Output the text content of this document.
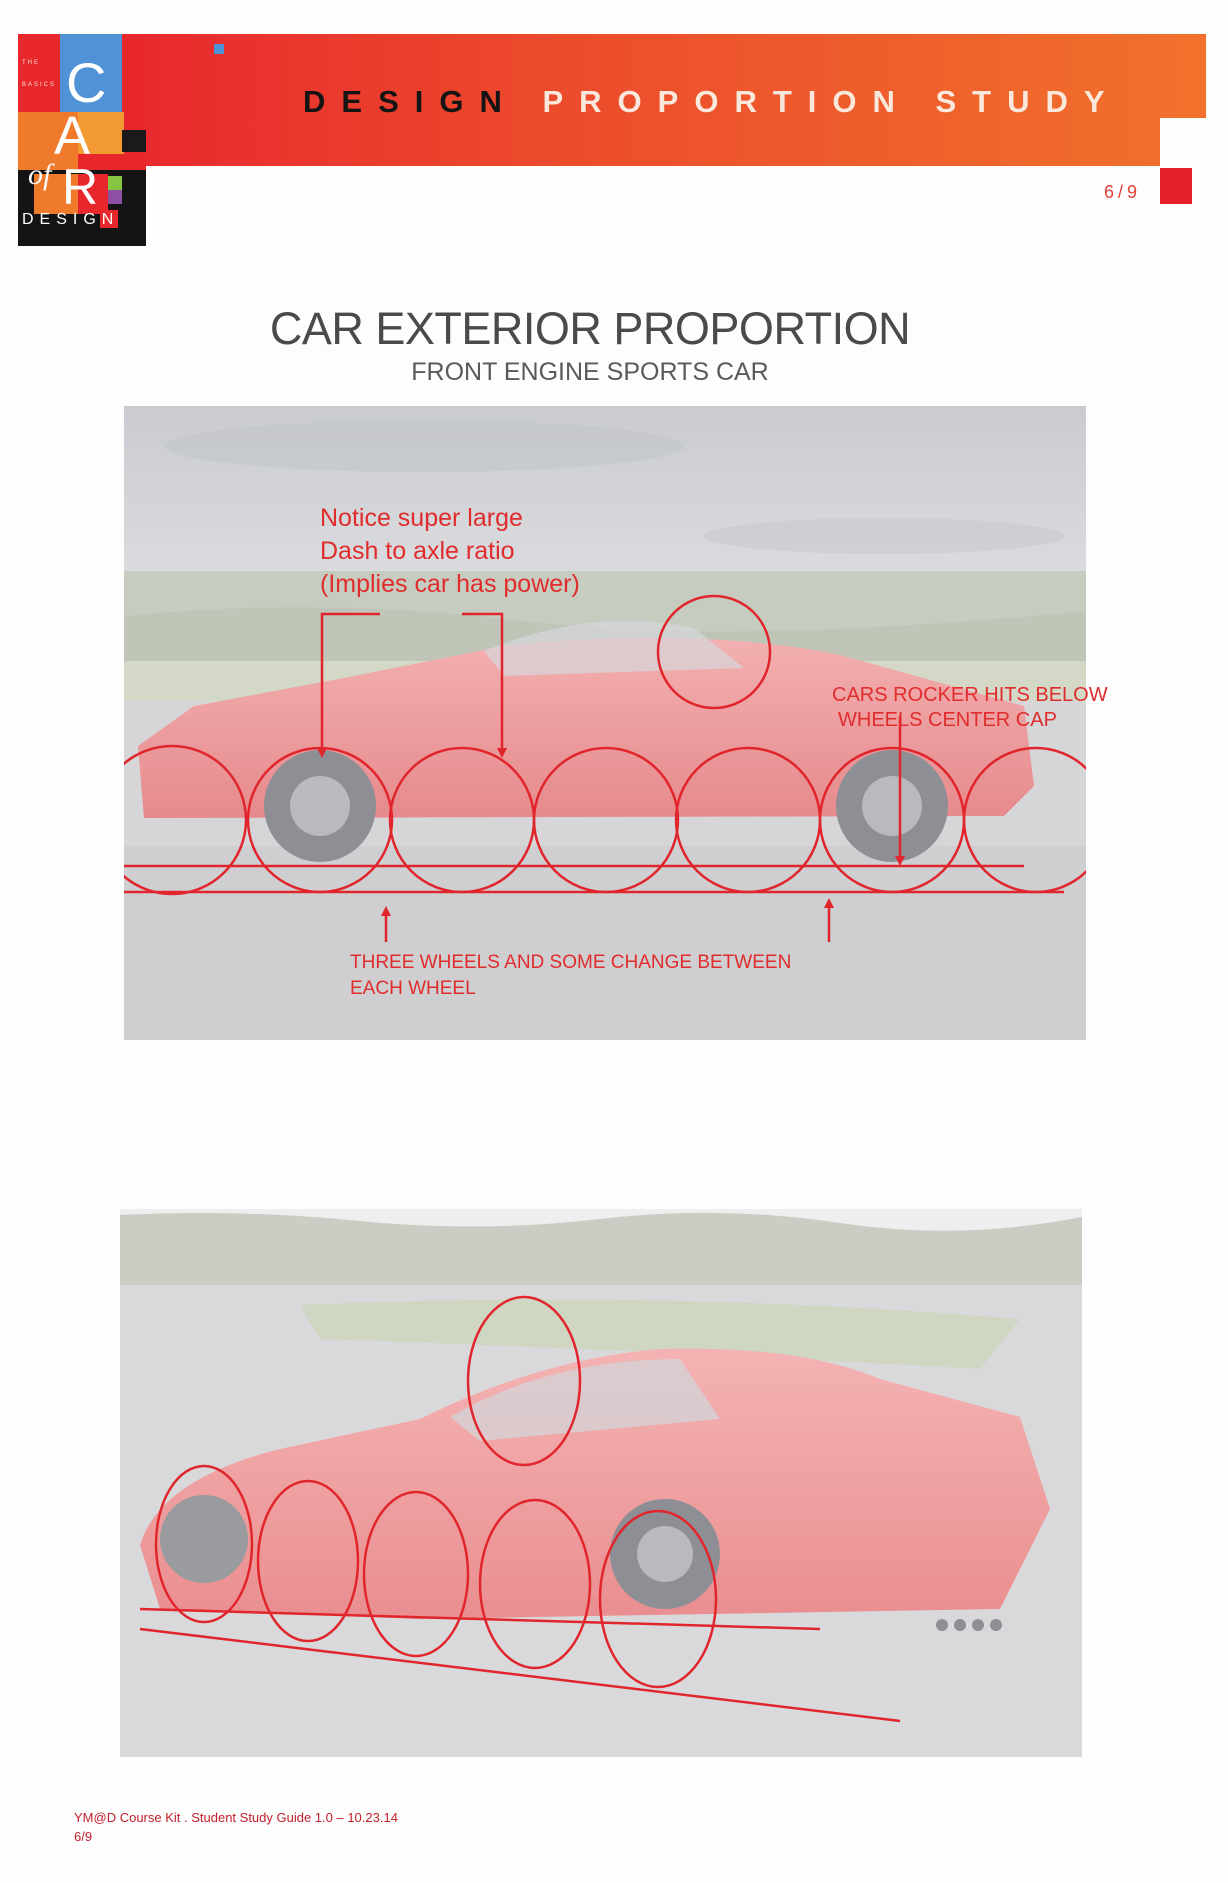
DESIGN PROPORTION STUDY
6/9
THE
BASICS C
A
of R
DESIGN
CAR EXTERIOR PROPORTION
FRONT ENGINE SPORTS CAR
Notice super large
Dash to axle ratio
(Implies car has power)
CARS ROCKER HITS BELOW
WHEELS CENTER CAP
THREE WHEELS AND SOME CHANGE BETWEEN
EACH WHEEL
YM@D Course Kit . Student Study Guide 1.0 – 10.23.14
6/9
